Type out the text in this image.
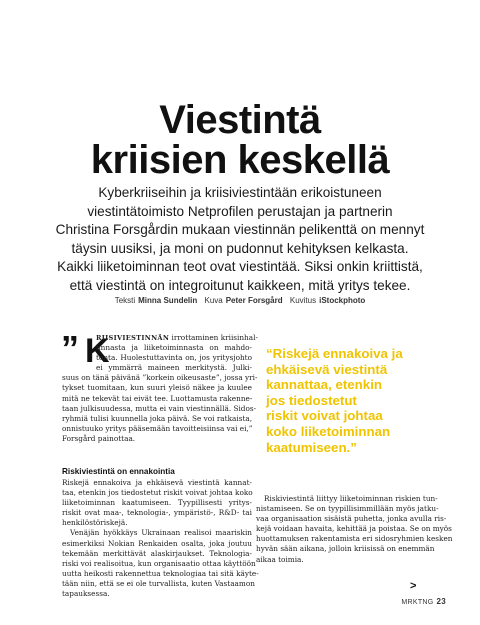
Viestintä
kriisien keskellä
Kyberkriiseihin ja kriisiviestintään erikoistuneen
viestintätoimisto Netprofilen perustajan ja partnerin
Christina Forsgårdin mukaan viestinnän pelikenttä on mennyt
täysin uusiksi, ja moni on pudonnut kehityksen kelkasta.
Kaikki liiketoiminnan teot ovat viestintää. Siksi onkin kriittistä,
että viestintä on integroitunut kaikkeen, mitä yritys tekee.
Teksti Minna Sundelin Kuva Peter Forsgård Kuvitus iStockphoto
” K
RIISIVIESTINNÄN irrottaminen kriisinhal-
linnasta ja liiketoiminnasta on mahdo-
tonta. Huolestuttavinta on, jos yritysjohto
ei ymmärrä maineen merkitystä. Julki-
suus on tänä päivänä ”korkein oikeusaste”, jossa yri-
tykset tuomitaan, kun suuri yleisö näkee ja kuulee
mitä ne tekevät tai eivät tee. Luottamusta rakenne-
taan julkisuudessa, mutta ei vain viestinnällä. Sidos-
ryhmiä tulisi kuunnella joka päivä. Se voi ratkaista,
onnistuuko yritys pääsemään tavoitteisiinsa vai ei,”
Forsgård painottaa.
Riskiviestintä on ennakointia
Riskejä ennakoiva ja ehkäisevä viestintä kannat-
taa, etenkin jos tiedostetut riskit voivat johtaa koko
liiketoiminnan kaatumiseen. Tyypillisesti yritys-
riskit ovat maa-, teknologia-, ympäristö-, R&D- tai
henkilöstöriskejä.
Venäjän hyökkäys Ukrainaan realisoi maariskin
esimerkiksi Nokian Renkaiden osalta, joka joutuu
tekemään merkittävät alaskirjaukset. Teknologia-
riski voi realisoitua, kun organisaatio ottaa käyttöön
uutta heikosti rakennettua teknologiaa tai sitä käyte-
tään niin, että se ei ole turvallista, kuten Vastaamon
tapauksessa.
“Riskejä ennakoiva ja
ehkäisevä viestintä
kannattaa, etenkin
jos tiedostetut
riskit voivat johtaa
koko liiketoiminnan
kaatumiseen.”
Riskiviestintä liittyy liiketoiminnan riskien tun-
nistamiseen. Se on tyypillisimmillään myös jatku-
vaa organisaation sisäistä puhetta, jonka avulla ris-
kejä voidaan havaita, kehittää ja poistaa. Se on myös
huottamuksen rakentamista eri sidosryhmien kesken
hyvän sään aikana, jolloin kriisissä on enemmän
aikaa toimia.
>
MRKTNG 23
